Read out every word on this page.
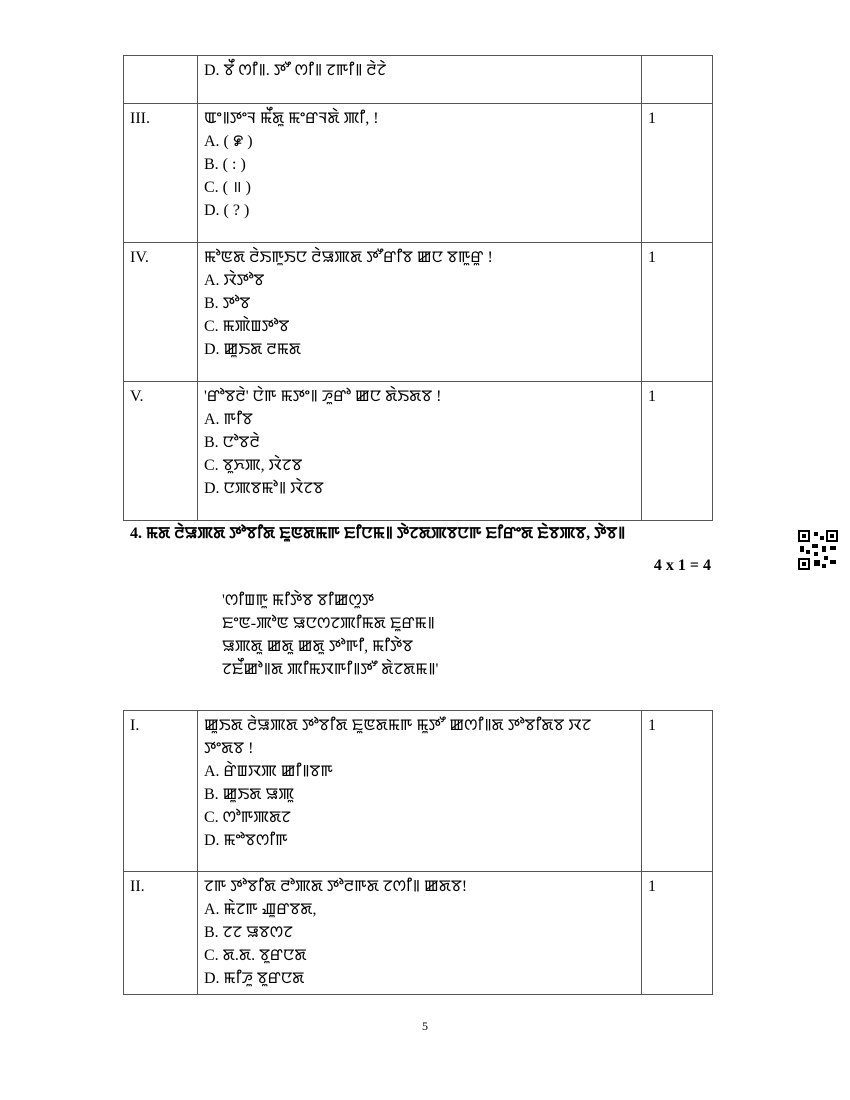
	D. ꯕꯩ ꯁꯤ꯫. ꯇꯧ ꯁꯤ꯫ ꯖꯒꯤ꯫ ꯂꯥꯖꯥ	

III.	ꯑꯦ꯫ꯇꯦꯜ ꯃꯩꯗꯨ ꯃꯦꯔꯜꯗꯥ ꯄꯤ, !
A. ( ꯹ )
B. ( : )
C. ( ॥ )
D. ( ? )	1
IV.	ꯃꯣꯟꯗ ꯂꯥꯏꯒꯨꯏꯅ ꯂꯥꯎꯄꯗ ꯇꯧꯔꯤꯕ ꯀꯅ ꯕꯒꯨꯔꯨ !
A. ꯋꯥꯇꯣꯕ
B. ꯇꯣꯕ
C. ꯃꯄꯥꯡꯇꯣꯕ
D. ꯀꯨꯏꯗ ꯂꯃꯗ	1
V.	'ꯔꯣꯕꯂꯥ' ꯅꯥꯒ ꯃꯇꯦ꯫ ꯍꯨꯔꯣ ꯀꯅ ꯗꯥꯏꯗꯕ !
A. ꯒꯤꯕ
B. ꯅꯣꯕꯂꯥ
C. ꯕꯨꯈꯄ, ꯋꯥꯖꯕ
D. ꯅꯄꯕꯃꯣ꯫ ꯋꯥꯖꯕ	1
4. ꯃꯗ ꯂꯥꯎꯄꯗ ꯇꯣꯕꯤꯗ ꯐꯨꯟꯗꯃꯒ ꯐꯤꯅꯃ꯫ ꯇꯥꯖꯗꯄꯕꯅꯒ ꯐꯤꯔꯦꯗ ꯐꯥꯕꯄꯕ, ꯇꯥꯕ꯫
4 x 1 = 4
'ꯁꯤꯡꯒꯨ ꯃꯤꯇꯥꯕ ꯕꯤꯀꯁꯨꯇ
ꯐꯦꯟ-ꯄꯣꯟ ꯎꯅꯁꯖꯄꯤꯃꯗ ꯐꯨꯔꯃ꯫
ꯎꯄꯗꯨ ꯀꯗꯨ ꯀꯗꯨ ꯇꯣꯒꯤ, ꯃꯤꯇꯥꯕ
ꯖꯐꯩꯀꯣ꯫ꯗ ꯄꯤꯃꯋꯒꯤ꯫ꯇꯧ ꯗꯥꯖꯗꯃ꯫'
I.	ꯀꯨꯏꯗ ꯂꯥꯎꯄꯗ ꯇꯣꯕꯤꯗ ꯐꯨꯟꯗꯃꯒ ꯃꯨꯇꯧ ꯀꯁꯤ꯫ꯗ ꯇꯣꯕꯤꯗꯕ ꯋꯖ ꯇꯦꯗꯕ !
A. ꯔꯥꯡꯋꯄ ꯀꯤ꯫ꯕꯒ
B. ꯀꯨꯏꯗ ꯎꯄꯨ
C. ꯁꯣꯒꯄꯗꯖ
D. ꯃꯦꯣꯕꯁꯤꯒ	1
II.	ꯖꯒ ꯇꯣꯕꯤꯗ ꯂꯣꯄꯗ ꯇꯣꯂꯒꯗ ꯖꯁꯤ꯫ ꯀꯗꯕ!
A. ꯃꯥꯖꯒ ꯉꯨꯔꯕꯗ,
B. ꯖꯖ ꯎꯕꯁꯖ
C. ꯗ.ꯗ. ꯕꯨꯔꯅꯗ
D. ꯃꯤꯍꯨ ꯕꯨꯔꯅꯗ	1
5
